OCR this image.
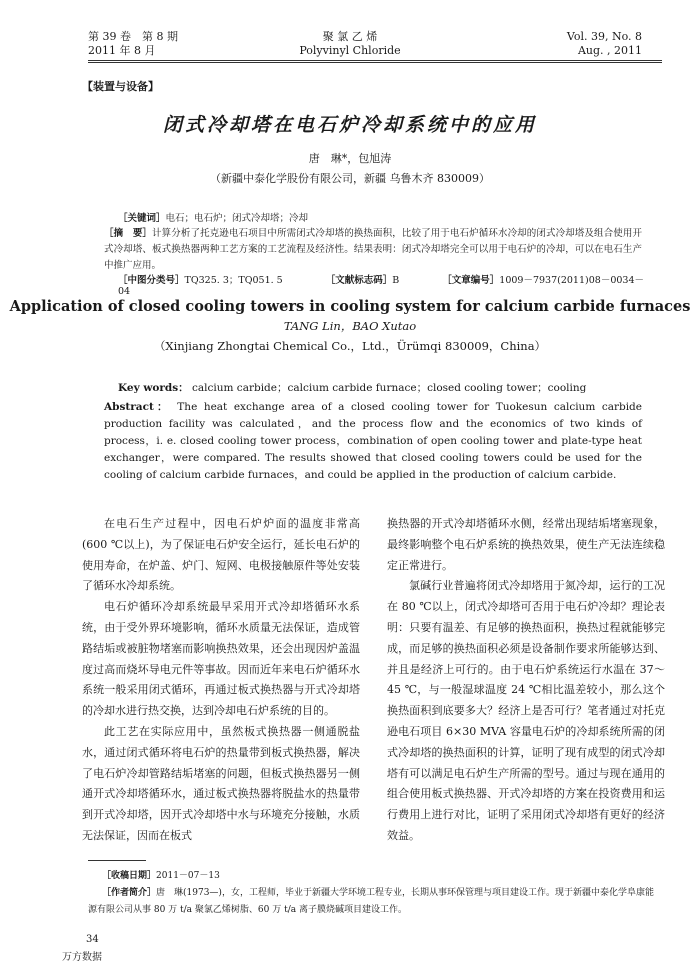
第 39 卷　第 8 期
2011 年 8 月
聚 氯 乙 烯
Polyvinyl Chloride
Vol. 39, No. 8
Aug. , 2011
【装置与设备】
闭式冷却塔在电石炉冷却系统中的应用
唐　琳*，包旭涛
（新疆中泰化学股份有限公司，新疆 乌鲁木齐 830009）
［关键词］电石；电石炉；闭式冷却塔；冷却
［摘　要］计算分析了托克逊电石项目中所需闭式冷却塔的换热面积，比较了用于电石炉循环水冷却的闭式冷却塔及组合使用开式冷却塔、板式换热器两种工艺方案的工艺流程及经济性。结果表明：闭式冷却塔完全可以用于电石炉的冷却，可以在电石生产中推广应用。
［中图分类号］TQ325. 3；TQ051. 5	［文献标志码］B	［文章编号］1009－7937(2011)08－0034－04
Application of closed cooling towers in cooling system for calcium carbide furnaces
TANG Lin，BAO Xutao
（Xinjiang Zhongtai Chemical Co.，Ltd.，Ürümqi 830009，China）
Key words： calcium carbide；calcium carbide furnace；closed cooling tower；cooling
Abstract： The heat exchange area of a closed cooling tower for Tuokesun calcium carbide production facility was calculated，and the process flow and the economics of two kinds of process，i. e. closed cooling tower process，combination of open cooling tower and plate-type heat exchanger，were compared. The results showed that closed cooling towers could be used for the cooling of calcium carbide furnaces，and could be applied in the production of calcium carbide.

在电石生产过程中，因电石炉炉面的温度非常高(600 ℃以上)，为了保证电石炉安全运行，延长电石炉的使用寿命，在炉盖、炉门、短网、电极接触原件等处安装了循环水冷却系统。

电石炉循环冷却系统最早采用开式冷却塔循环水系统，由于受外界环境影响，循环水质量无法保证，造成管路结垢或被脏物堵塞而影响换热效果，还会出现因炉盖温度过高而烧坏导电元件等事故。因而近年来电石炉循环水系统一般采用闭式循环，再通过板式换热器与开式冷却塔的冷却水进行热交换，达到冷却电石炉系统的目的。

此工艺在实际应用中，虽然板式换热器一侧通脱盐水，通过闭式循环将电石炉的热量带到板式换热器，解决了电石炉冷却管路结垢堵塞的问题，但板式换热器另一侧通开式冷却塔循环水，通过板式换热器将脱盐水的热量带到开式冷却塔，因开式冷却塔中水与环境充分接触，水质无法保证，因而在板式

换热器的开式冷却塔循环水侧，经常出现结垢堵塞现象，最终影响整个电石炉系统的换热效果，使生产无法连续稳定正常进行。

氯碱行业普遍将闭式冷却塔用于氮冷却，运行的工况在 80 ℃以上，闭式冷却塔可否用于电石炉冷却？理论表明：只要有温差、有足够的换热面积，换热过程就能够完成，而足够的换热面积必须是设备制作要求所能够达到、并且是经济上可行的。由于电石炉系统运行水温在 37～45 ℃，与一般湿球温度 24 ℃相比温差较小，那么这个换热面积到底要多大？经济上是否可行？笔者通过对托克逊电石项目 6×30 MVA 容量电石炉的冷却系统所需的闭式冷却塔的换热面积的计算，证明了现有成型的闭式冷却塔有可以满足电石炉生产所需的型号。通过与现在通用的组合使用板式换热器、开式冷却塔的方案在投资费用和运行费用上进行对比，证明了采用闭式冷却塔有更好的经济效益。

［收稿日期］2011－07－13
［作者简介］唐　琳(1973—)，女，工程师，毕业于新疆大学环境工程专业，长期从事环保管理与项目建设工作。现于新疆中泰化学阜康能源有限公司从事 80 万 t/a 聚氯乙烯树脂、60 万 t/a 离子膜烧碱项目建设工作。
34
万方数据
